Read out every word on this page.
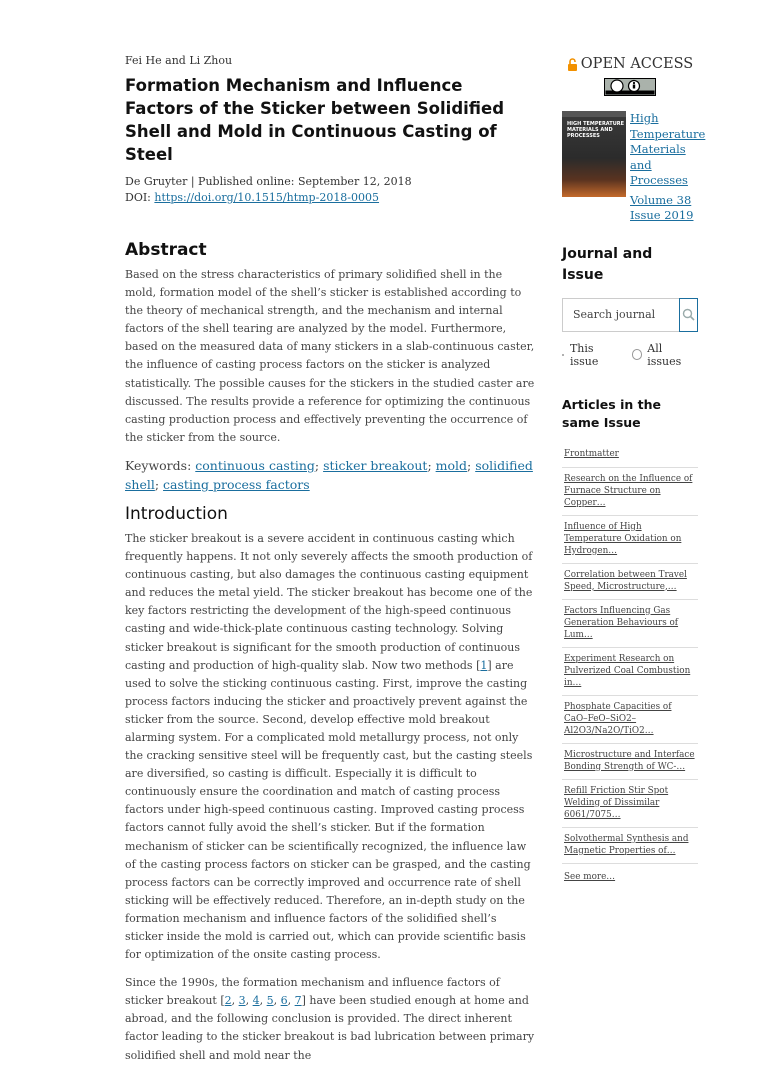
Fei He and Li Zhou
Formation Mechanism and Influence Factors of the Sticker between Solidified Shell and Mold in Continuous Casting of Steel
De Gruyter | Published online: September 12, 2018
DOI: https://doi.org/10.1515/htmp-2018-0005
Abstract

Based on the stress characteristics of primary solidified shell in the mold, formation model of the shell’s sticker is established according to the theory of mechanical strength, and the mechanism and internal factors of the shell tearing are analyzed by the model. Furthermore, based on the measured data of many stickers in a slab-continuous caster, the influence of casting process factors on the sticker is analyzed statistically. The possible causes for the stickers in the studied caster are discussed. The results provide a reference for optimizing the continuous casting production process and effectively preventing the occurrence of the sticker from the source.

Keywords: continuous casting; sticker breakout; mold; solidified shell; casting process factors
Introduction

The sticker breakout is a severe accident in continuous casting which frequently happens. It not only severely affects the smooth production of continuous casting, but also damages the continuous casting equipment and reduces the metal yield. The sticker breakout has become one of the key factors restricting the development of the high-speed continuous casting and wide-thick-plate continuous casting technology. Solving sticker breakout is significant for the smooth production of continuous casting and production of high-quality slab. Now two methods [1] are used to solve the sticking continuous casting. First, improve the casting process factors inducing the sticker and proactively prevent against the sticker from the source. Second, develop effective mold breakout alarming system. For a complicated mold metallurgy process, not only the cracking sensitive steel will be frequently cast, but the casting steels are diversified, so casting is difficult. Especially it is difficult to continuously ensure the coordination and match of casting process factors under high-speed continuous casting. Improved casting process factors cannot fully avoid the shell’s sticker. But if the formation mechanism of sticker can be scientifically recognized, the influence law of the casting process factors on sticker can be grasped, and the casting process factors can be correctly improved and occurrence rate of shell sticking will be effectively reduced. Therefore, an in-depth study on the formation mechanism and influence factors of the solidified shell’s sticker inside the mold is carried out, which can provide scientific basis for optimization of the onsite casting process.

Since the 1990s, the formation mechanism and influence factors of sticker breakout [2, 3, 4, 5, 6, 7] have been studied enough at home and abroad, and the following conclusion is provided. The direct inherent factor leading to the sticker breakout is bad lubrication between primary solidified shell and mold near the

OPEN ACCESS
HIGH TEMPERATURE MATERIALS AND PROCESSES
High Temperature Materials and Processes
Volume 38 Issue 2019
Journal and Issue
Search journal
This issue
All issues
Articles in the same Issue
Frontmatter
Research on the Influence of Furnace Structure on Copper…
Influence of High Temperature Oxidation on Hydrogen…
Correlation between Travel Speed, Microstructure,…
Factors Influencing Gas Generation Behaviours of Lum…
Experiment Research on Pulverized Coal Combustion in…
Phosphate Capacities of CaO–FeO–SiO2–Al2O3/Na2O/TiO2…
Microstructure and Interface Bonding Strength of WC-…
Refill Friction Stir Spot Welding of Dissimilar 6061/7075…
Solvothermal Synthesis and Magnetic Properties of…
See more…
